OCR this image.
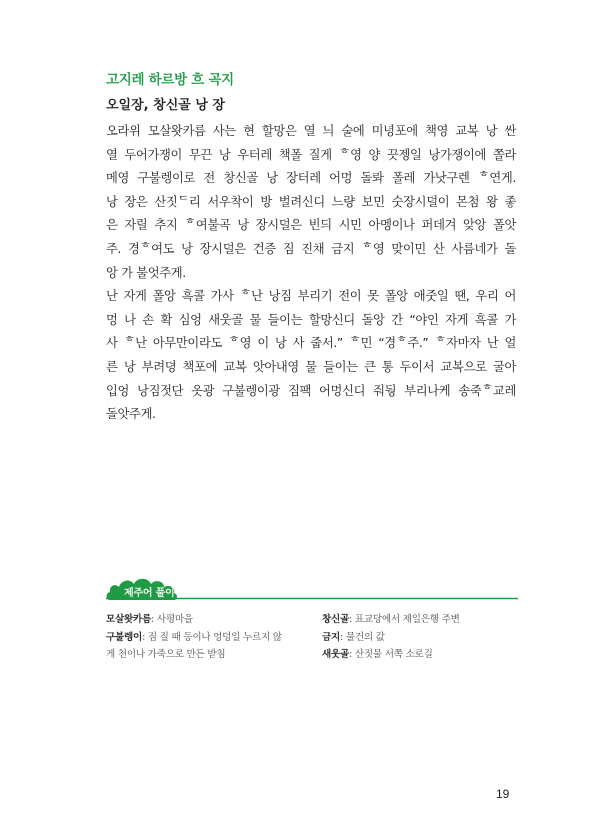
고지레 하르방 흐 곡지
오일장, 창신골 낭 장
오라위 모살왓카름 사는 현 할망은 열 늬 술에 미녕포에 책영 교복 낭 싼
열 두어가쟁이 무끈 낭 우터레 책폴 질게 ᄒ영 양 끗젱일 낭가쟁이에 쫄라
메영 구불렝이로 전 창신골 낭 장터레 어멍 돌롸 폴레 가낫구렌 ᄒ연게.
낭 장은 산짓ᄃ리 서우착이 방 벌려신디 느량 보민 숫장시덜이 몬첨 왕 좋
은 자릴 추지 ᄒ여불곡 낭 장시덜은 빈듸 시민 아멩이나 퍼데겨 앚앙 폴앗
주. 경ᄒ여도 낭 장시덜은 건증 짐 진채 금지 ᄒ영 맞이민 산 사름네가 돌
앙 가 불엇주게.
난 자게 폴앙 흑콜 가사 ᄒ난 낭짐 부리기 전이 못 폴앙 애줏일 땐, 우리 어
멍 나 손 확 심엉 새웃골 물 들이는 할망신디 돌앙 간 “야인 자게 흑콜 가
사 ᄒ난 아무만이라도 ᄒ영 이 낭 사 줍서.” ᄒ민 “경ᄒ주.” ᄒ자마자 난 얼
른 낭 부려뎡 책포에 교복 앗아내영 물 들이는 큰 통 두이서 교복으로 굴아
입엉 낭짐젓단 옷광 구불렝이광 짐팩 어멍신디 줘뒁 부리나케 송죽ᄒ교레
돌앗주게.
제주어 풀이
모살왓카름: 사평마을
구불렝이: 짐 질 때 등이나 엉덩일 누르지 않
게 천이나 가죽으로 만든 받침
창신골: 표교당에서 제일은행 주변
금지: 물건의 값
새웃골: 산짓물 서쪽 소로길
19
